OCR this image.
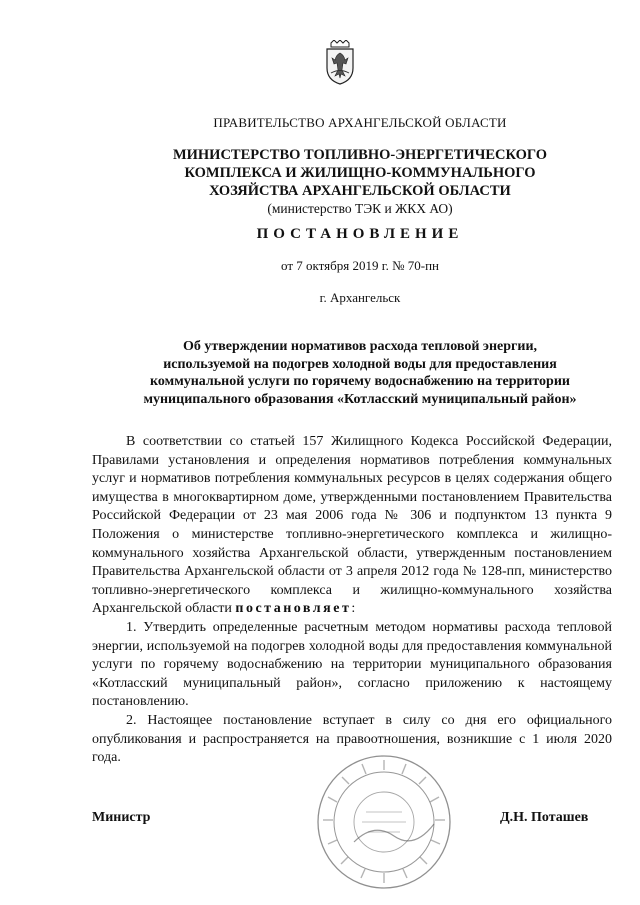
ПРАВИТЕЛЬСТВО АРХАНГЕЛЬСКОЙ ОБЛАСТИ
МИНИСТЕРСТВО ТОПЛИВНО-ЭНЕРГЕТИЧЕСКОГО
КОМПЛЕКСА И ЖИЛИЩНО-КОММУНАЛЬНОГО
ХОЗЯЙСТВА АРХАНГЕЛЬСКОЙ ОБЛАСТИ
(министерство ТЭК и ЖКХ АО)
ПОСТАНОВЛЕНИЕ
от 7 октября 2019 г. № 70-пн
г. Архангельск
Об утверждении нормативов расхода тепловой энергии,
используемой на подогрев холодной воды для предоставления
коммунальной услуги по горячему водоснабжению на территории
муниципального образования «Котласский муниципальный район»

В соответствии со статьей 157 Жилищного Кодекса Российской Федерации, Правилами установления и определения нормативов потребления коммунальных услуг и нормативов потребления коммунальных ресурсов в целях содержания общего имущества в многоквартирном доме, утвержденными постановлением Правительства Российской Федерации от 23 мая 2006 года № 306 и подпунктом 13 пункта 9 Положения о министерстве топливно-энергетического комплекса и жилищно-коммунального хозяйства Архангельской области, утвержденным постановлением Правительства Архангельской области от 3 апреля 2012 года № 128-пп, министерство топливно-энергетического комплекса и жилищно-коммунального хозяйства Архангельской области постановляет:

1. Утвердить определенные расчетным методом нормативы расхода тепловой энергии, используемой на подогрев холодной воды для предоставления коммунальной услуги по горячему водоснабжению на территории муниципального образования «Котласский муниципальный район», согласно приложению к настоящему постановлению.

2. Настоящее постановление вступает в силу со дня его официального опубликования и распространяется на правоотношения, возникшие с 1 июля 2020 года.

Министр	Д.Н. Поташев
